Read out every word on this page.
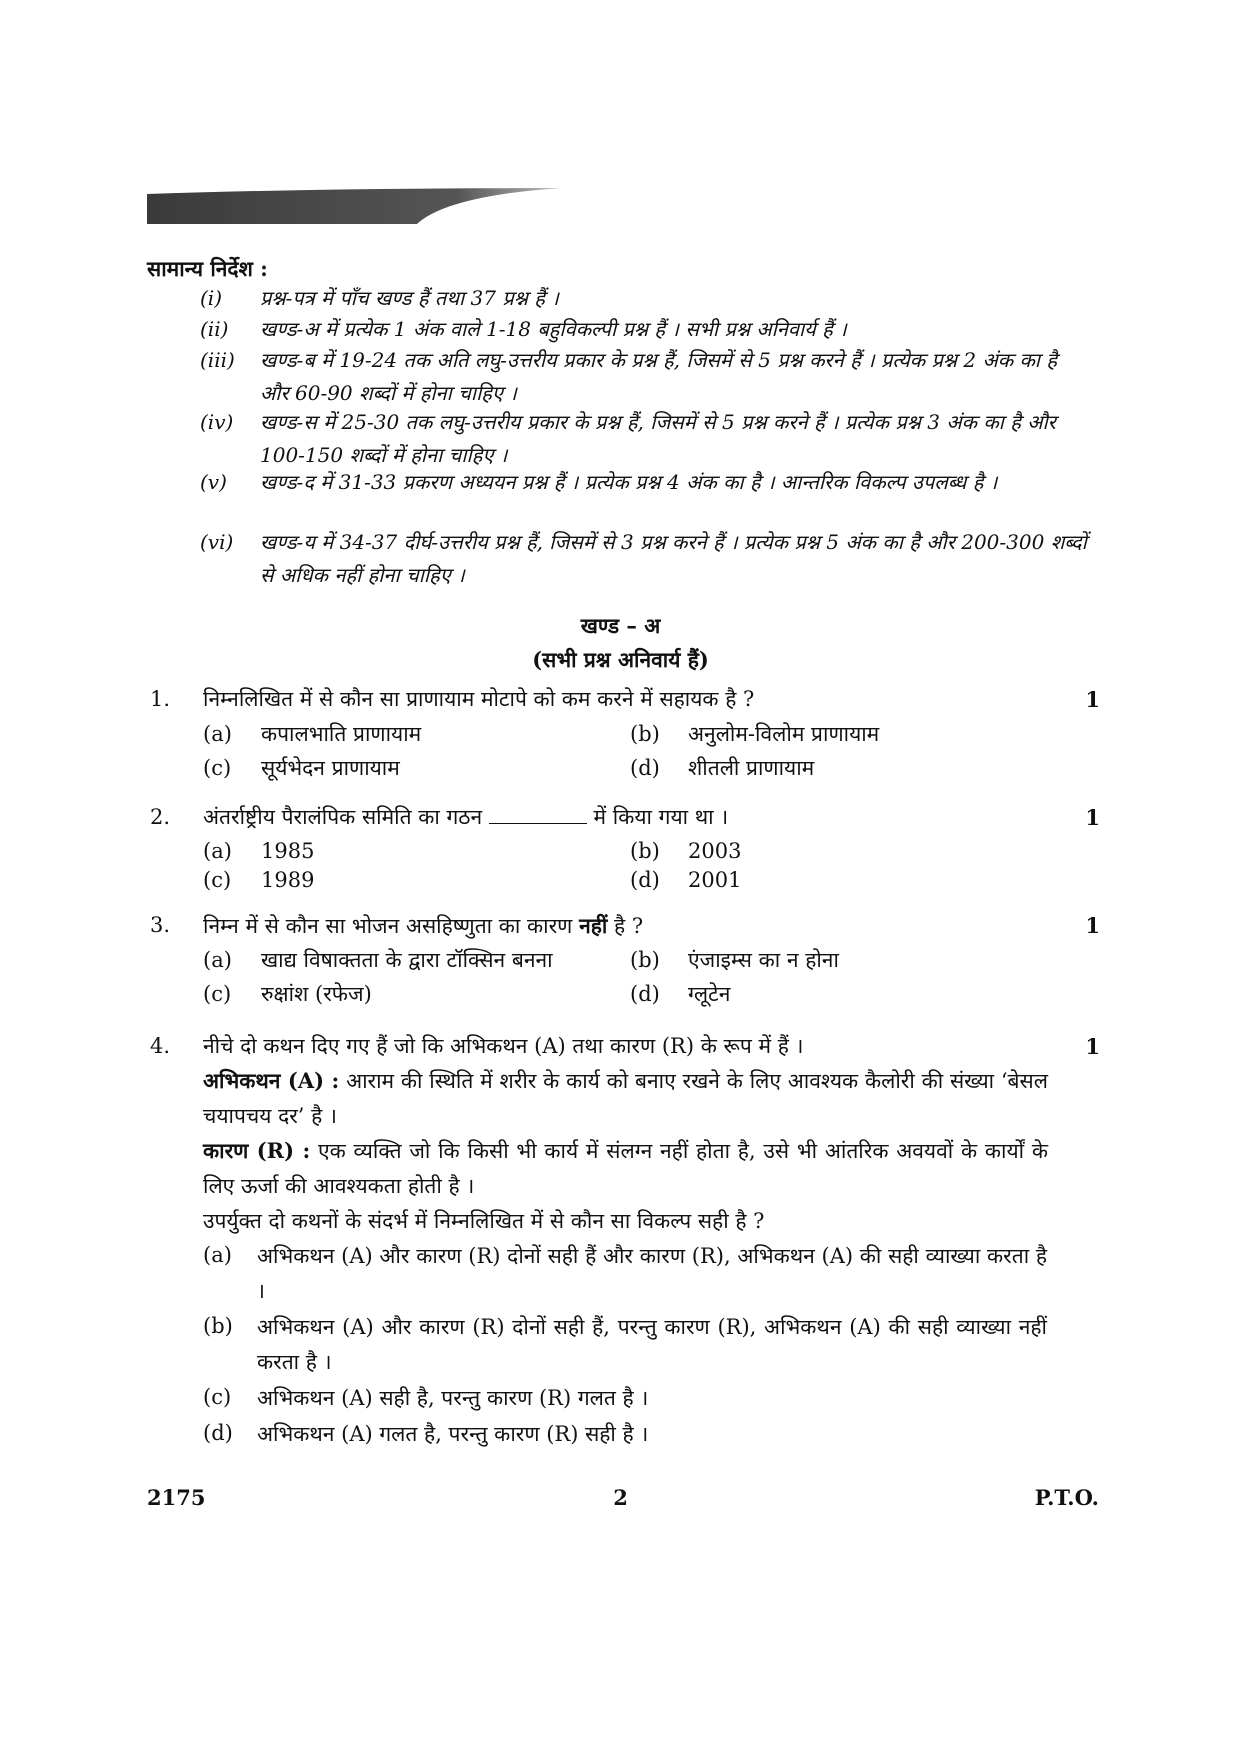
सामान्य निर्देश :
(i) प्रश्न-पत्र में पाँच खण्ड हैं तथा 37 प्रश्न हैं ।
(ii) खण्ड-अ में प्रत्येक 1 अंक वाले 1-18 बहुविकल्पी प्रश्न हैं । सभी प्रश्न अनिवार्य हैं ।
(iii) खण्ड-ब में 19-24 तक अति लघु-उत्तरीय प्रकार के प्रश्न हैं, जिसमें से 5 प्रश्न करने हैं । प्रत्येक प्रश्न 2 अंक का है और 60-90 शब्दों में होना चाहिए ।
(iv) खण्ड-स में 25-30 तक लघु-उत्तरीय प्रकार के प्रश्न हैं, जिसमें से 5 प्रश्न करने हैं । प्रत्येक प्रश्न 3 अंक का है और 100-150 शब्दों में होना चाहिए ।
(v) खण्ड-द में 31-33 प्रकरण अध्ययन प्रश्न हैं । प्रत्येक प्रश्न 4 अंक का है । आन्तरिक विकल्प उपलब्ध है ।
(vi) खण्ड-य में 34-37 दीर्घ-उत्तरीय प्रश्न हैं, जिसमें से 3 प्रश्न करने हैं । प्रत्येक प्रश्न 5 अंक का है और 200-300 शब्दों से अधिक नहीं होना चाहिए ।
खण्ड – अ
(सभी प्रश्न अनिवार्य हैं)
1. निम्नलिखित में से कौन सा प्राणायाम मोटापे को कम करने में सहायक है ?	1
(a) कपालभाति प्राणायाम	(b) अनुलोम-विलोम प्राणायाम
(c) सूर्यभेदन प्राणायाम	(d) शीतली प्राणायाम
2. अंतर्राष्ट्रीय पैरालंपिक समिति का गठन	में किया गया था ।	1
(a) 1985	(b) 2003
(c) 1989	(d) 2001
3. निम्न में से कौन सा भोजन असहिष्णुता का कारण नहीं है ?	1
(a) खाद्य विषाक्तता के द्वारा टॉक्सिन बनना	(b) एंजाइम्स का न होना
(c) रुक्षांश (रफेज)	(d) ग्लूटेन
4. नीचे दो कथन दिए गए हैं जो कि अभिकथन (A) तथा कारण (R) के रूप में हैं ।	1
अभिकथन (A) : आराम की स्थिति में शरीर के कार्य को बनाए रखने के लिए आवश्यक कैलोरी की संख्या ‘बेसल चयापचय दर’ है ।
कारण (R) : एक व्यक्ति जो कि किसी भी कार्य में संलग्न नहीं होता है, उसे भी आंतरिक अवयवों के कार्यों के लिए ऊर्जा की आवश्यकता होती है ।
उपर्युक्त दो कथनों के संदर्भ में निम्नलिखित में से कौन सा विकल्प सही है ?
(a) अभिकथन (A) और कारण (R) दोनों सही हैं और कारण (R), अभिकथन (A) की सही व्याख्या करता है ।
(b) अभिकथन (A) और कारण (R) दोनों सही हैं, परन्तु कारण (R), अभिकथन (A) की सही व्याख्या नहीं करता है ।
(c) अभिकथन (A) सही है, परन्तु कारण (R) गलत है ।
(d) अभिकथन (A) गलत है, परन्तु कारण (R) सही है ।
2175	2	P.T.O.
